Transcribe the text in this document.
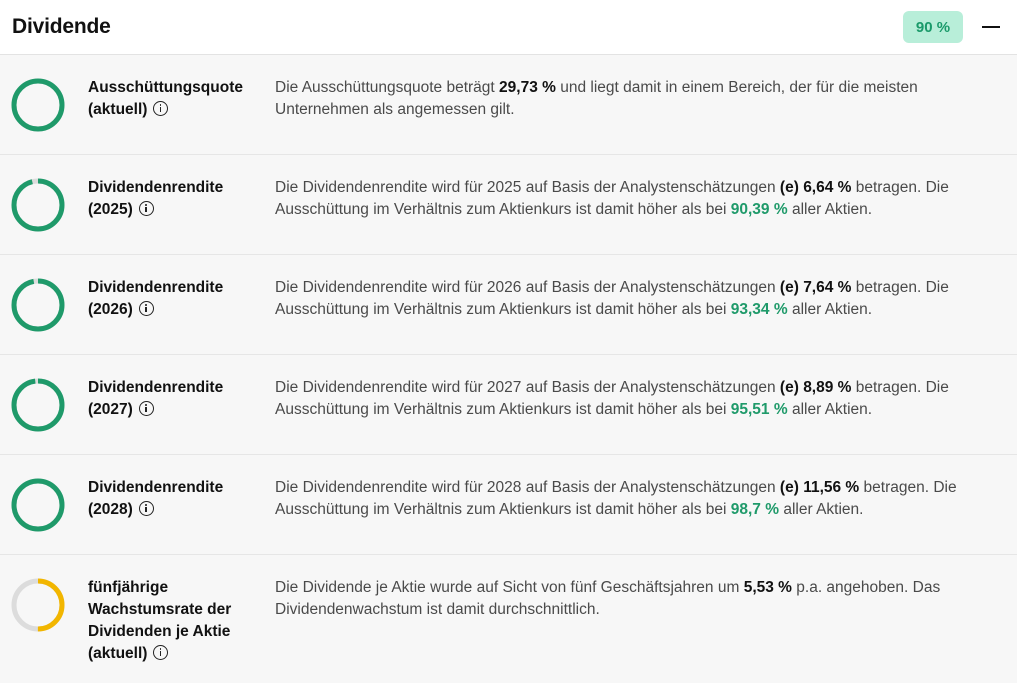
Dividende	90 %
Ausschüttungsquote (aktuell)
Die Ausschüttungsquote beträgt 29,73 % und liegt damit in einem Bereich, der für die meisten Unternehmen als angemessen gilt.
Dividendenrendite (2025)
Die Dividendenrendite wird für 2025 auf Basis der Analystenschätzungen (e) 6,64 % betragen. Die Ausschüttung im Verhältnis zum Aktienkurs ist damit höher als bei 90,39 % aller Aktien.
Dividendenrendite (2026)
Die Dividendenrendite wird für 2026 auf Basis der Analystenschätzungen (e) 7,64 % betragen. Die Ausschüttung im Verhältnis zum Aktienkurs ist damit höher als bei 93,34 % aller Aktien.
Dividendenrendite (2027)
Die Dividendenrendite wird für 2027 auf Basis der Analystenschätzungen (e) 8,89 % betragen. Die Ausschüttung im Verhältnis zum Aktienkurs ist damit höher als bei 95,51 % aller Aktien.
Dividendenrendite (2028)
Die Dividendenrendite wird für 2028 auf Basis der Analystenschätzungen (e) 11,56 % betragen. Die Ausschüttung im Verhältnis zum Aktienkurs ist damit höher als bei 98,7 % aller Aktien.
fünfjährige Wachstumsrate der Dividenden je Aktie (aktuell)
Die Dividende je Aktie wurde auf Sicht von fünf Geschäftsjahren um 5,53 % p.a. angehoben. Das Dividendenwachstum ist damit durchschnittlich.
